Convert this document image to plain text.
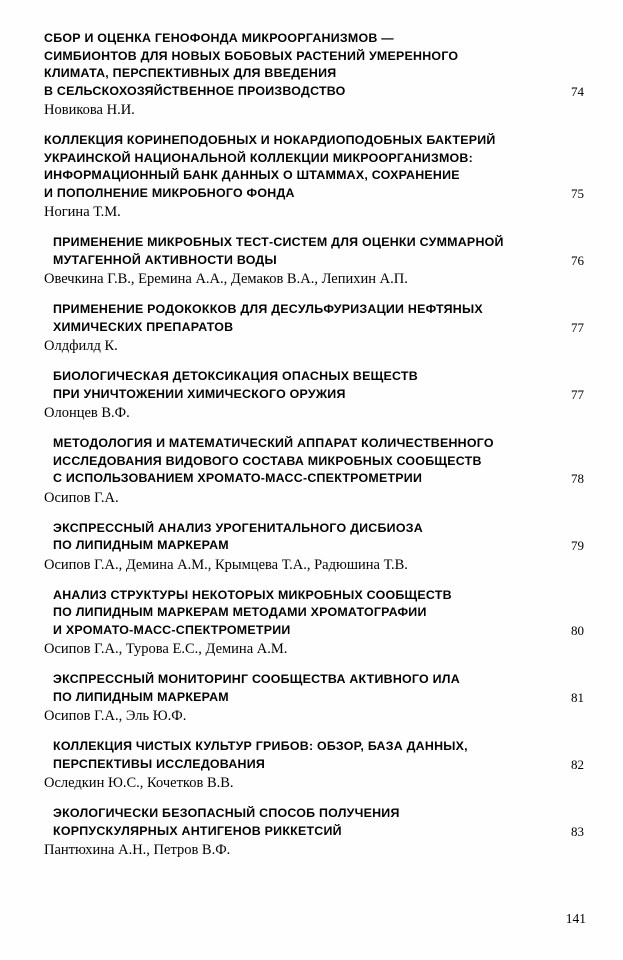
СБОР И ОЦЕНКА ГЕНОФОНДА МИКРООРГАНИЗМОВ —
СИМБИОНТОВ ДЛЯ НОВЫХ БОБОВЫХ РАСТЕНИЙ УМЕРЕННОГО
КЛИМАТА, ПЕРСПЕКТИВНЫХ ДЛЯ ВВЕДЕНИЯ
В СЕЛЬСКОХОЗЯЙСТВЕННОЕ ПРОИЗВОДСТВО	74
Новикова Н.И.
КОЛЛЕКЦИЯ КОРИНЕПОДОБНЫХ И НОКАРДИОПОДОБНЫХ БАКТЕРИЙ
УКРАИНСКОЙ НАЦИОНАЛЬНОЙ КОЛЛЕКЦИИ МИКРООРГАНИЗМОВ:
ИНФОРМАЦИОННЫЙ БАНК ДАННЫХ О ШТАММАХ, СОХРАНЕНИЕ
И ПОПОЛНЕНИЕ МИКРОБНОГО ФОНДА	75
Ногина Т.М.
ПРИМЕНЕНИЕ МИКРОБНЫХ ТЕСТ-СИСТЕМ ДЛЯ ОЦЕНКИ СУММАРНОЙ
МУТАГЕННОЙ АКТИВНОСТИ ВОДЫ	76
Овечкина Г.В., Еремина А.А., Демаков В.А., Лепихин А.П.
ПРИМЕНЕНИЕ РОДОКОККОВ ДЛЯ ДЕСУЛЬФУРИЗАЦИИ НЕФТЯНЫХ
ХИМИЧЕСКИХ ПРЕПАРАТОВ	77
Олдфилд К.
БИОЛОГИЧЕСКАЯ ДЕТОКСИКАЦИЯ ОПАСНЫХ ВЕЩЕСТВ
ПРИ УНИЧТОЖЕНИИ ХИМИЧЕСКОГО ОРУЖИЯ	77
Олонцев В.Ф.
МЕТОДОЛОГИЯ И МАТЕМАТИЧЕСКИЙ АППАРАТ КОЛИЧЕСТВЕННОГО
ИССЛЕДОВАНИЯ ВИДОВОГО СОСТАВА МИКРОБНЫХ СООБЩЕСТВ
С ИСПОЛЬЗОВАНИЕМ ХРОМАТО-МАСС-СПЕКТРОМЕТРИИ	78
Осипов Г.А.
ЭКСПРЕССНЫЙ АНАЛИЗ УРОГЕНИТАЛЬНОГО ДИСБИОЗА
ПО ЛИПИДНЫМ МАРКЕРАМ	79
Осипов Г.А., Демина А.М., Крымцева Т.А., Радюшина Т.В.
АНАЛИЗ СТРУКТУРЫ НЕКОТОРЫХ МИКРОБНЫХ СООБЩЕСТВ
ПО ЛИПИДНЫМ МАРКЕРАМ МЕТОДАМИ ХРОМАТОГРАФИИ
И ХРОМАТО-МАСС-СПЕКТРОМЕТРИИ	80
Осипов Г.А., Турова Е.С., Демина А.М.
ЭКСПРЕССНЫЙ МОНИТОРИНГ СООБЩЕСТВА АКТИВНОГО ИЛА
ПО ЛИПИДНЫМ МАРКЕРАМ	81
Осипов Г.А., Эль Ю.Ф.
КОЛЛЕКЦИЯ ЧИСТЫХ КУЛЬТУР ГРИБОВ: ОБЗОР, БАЗА ДАННЫХ,
ПЕРСПЕКТИВЫ ИССЛЕДОВАНИЯ	82
Оследкин Ю.С., Кочетков В.В.
ЭКОЛОГИЧЕСКИ БЕЗОПАСНЫЙ СПОСОБ ПОЛУЧЕНИЯ
КОРПУСКУЛЯРНЫХ АНТИГЕНОВ РИККЕТСИЙ	83
Пантюхина А.Н., Петров В.Ф.
141
